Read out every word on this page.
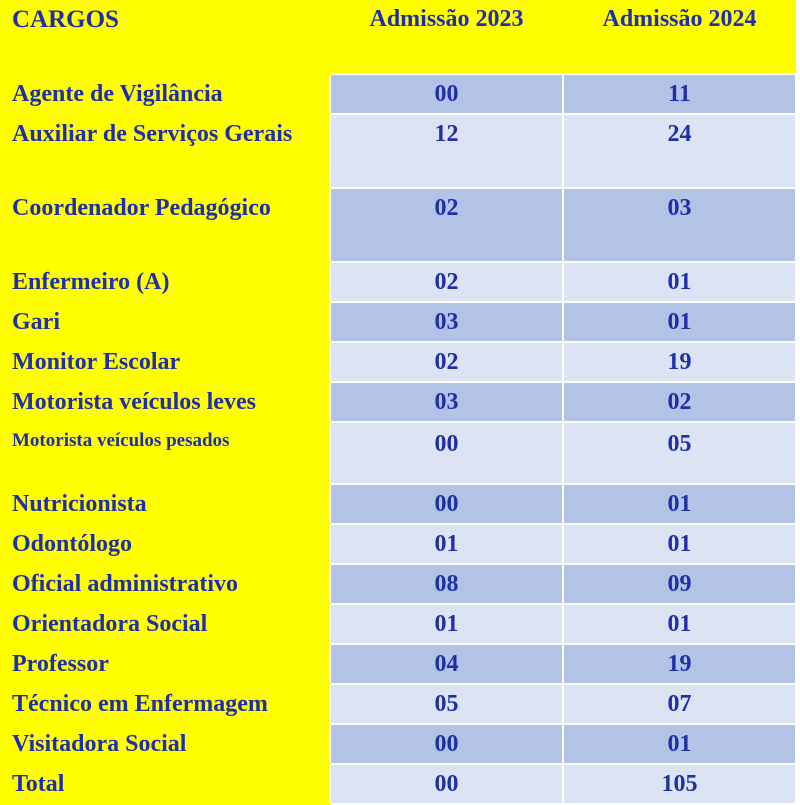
CARGOS	Admissão 2023	Admissão 2024
Agente de Vigilância	00	11
Auxiliar de Serviços Gerais	12	24
Coordenador Pedagógico	02	03
Enfermeiro (A)	02	01
Gari	03	01
Monitor Escolar	02	19
Motorista veículos leves	03	02
Motorista veículos pesados	00	05
Nutricionista	00	01
Odontólogo	01	01
Oficial administrativo	08	09
Orientadora Social	01	01
Professor	04	19
Técnico em Enfermagem	05	07
Visitadora Social	00	01
Total	00	105
